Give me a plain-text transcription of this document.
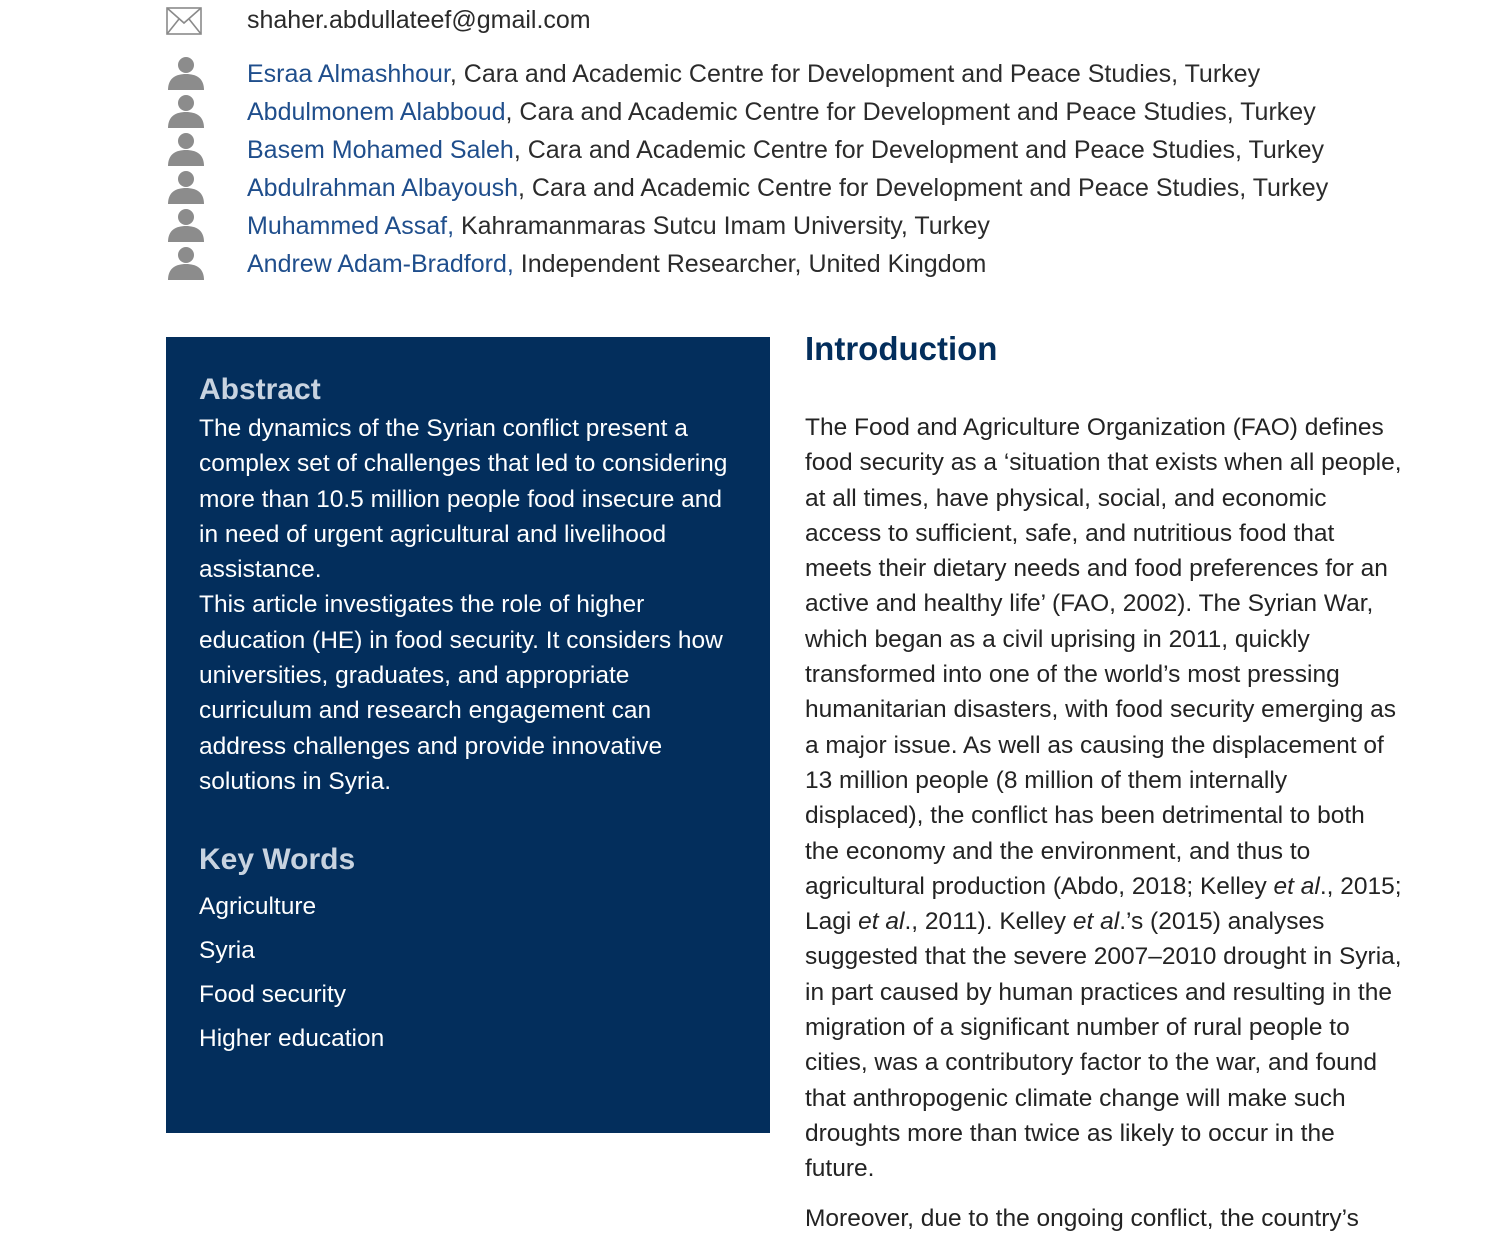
shaher.abdullateef@gmail.com
Esraa Almashhour, Cara and Academic Centre for Development and Peace Studies, Turkey
Abdulmonem Alabboud, Cara and Academic Centre for Development and Peace Studies, Turkey
Basem Mohamed Saleh, Cara and Academic Centre for Development and Peace Studies, Turkey
Abdulrahman Albayoush, Cara and Academic Centre for Development and Peace Studies, Turkey
Muhammed Assaf, Kahramanmaras Sutcu Imam University, Turkey
Andrew Adam-Bradford, Independent Researcher, United Kingdom
Abstract

The dynamics of the Syrian conflict present a complex set of challenges that led to considering more than 10.5 million people food insecure and in need of urgent agricultural and livelihood assistance.

This article investigates the role of higher education (HE) in food security. It considers how universities, graduates, and appropriate curriculum and research engagement can address challenges and provide innovative solutions in Syria.

Key Words
Agriculture
Syria
Food security
Higher education
Introduction

The Food and Agriculture Organization (FAO) defines food security as a ‘situation that exists when all people, at all times, have physical, social, and economic access to sufficient, safe, and nutritious food that meets their dietary needs and food preferences for an active and healthy life’ (FAO, 2002). The Syrian War, which began as a civil uprising in 2011, quickly transformed into one of the world’s most pressing humanitarian disasters, with food security emerging as a major issue. As well as causing the displacement of 13 million people (8 million of them internally displaced), the conflict has been detrimental to both the economy and the environment, and thus to agricultural production (Abdo, 2018; Kelley et al., 2015; Lagi et al., 2011). Kelley et al.’s (2015) analyses suggested that the severe 2007–2010 drought in Syria, in part caused by human practices and resulting in the migration of a significant number of rural people to cities, was a contributory factor to the war, and found that anthropogenic climate change will make such droughts more than twice as likely to occur in the future.

Moreover, due to the ongoing conflict, the country’s
